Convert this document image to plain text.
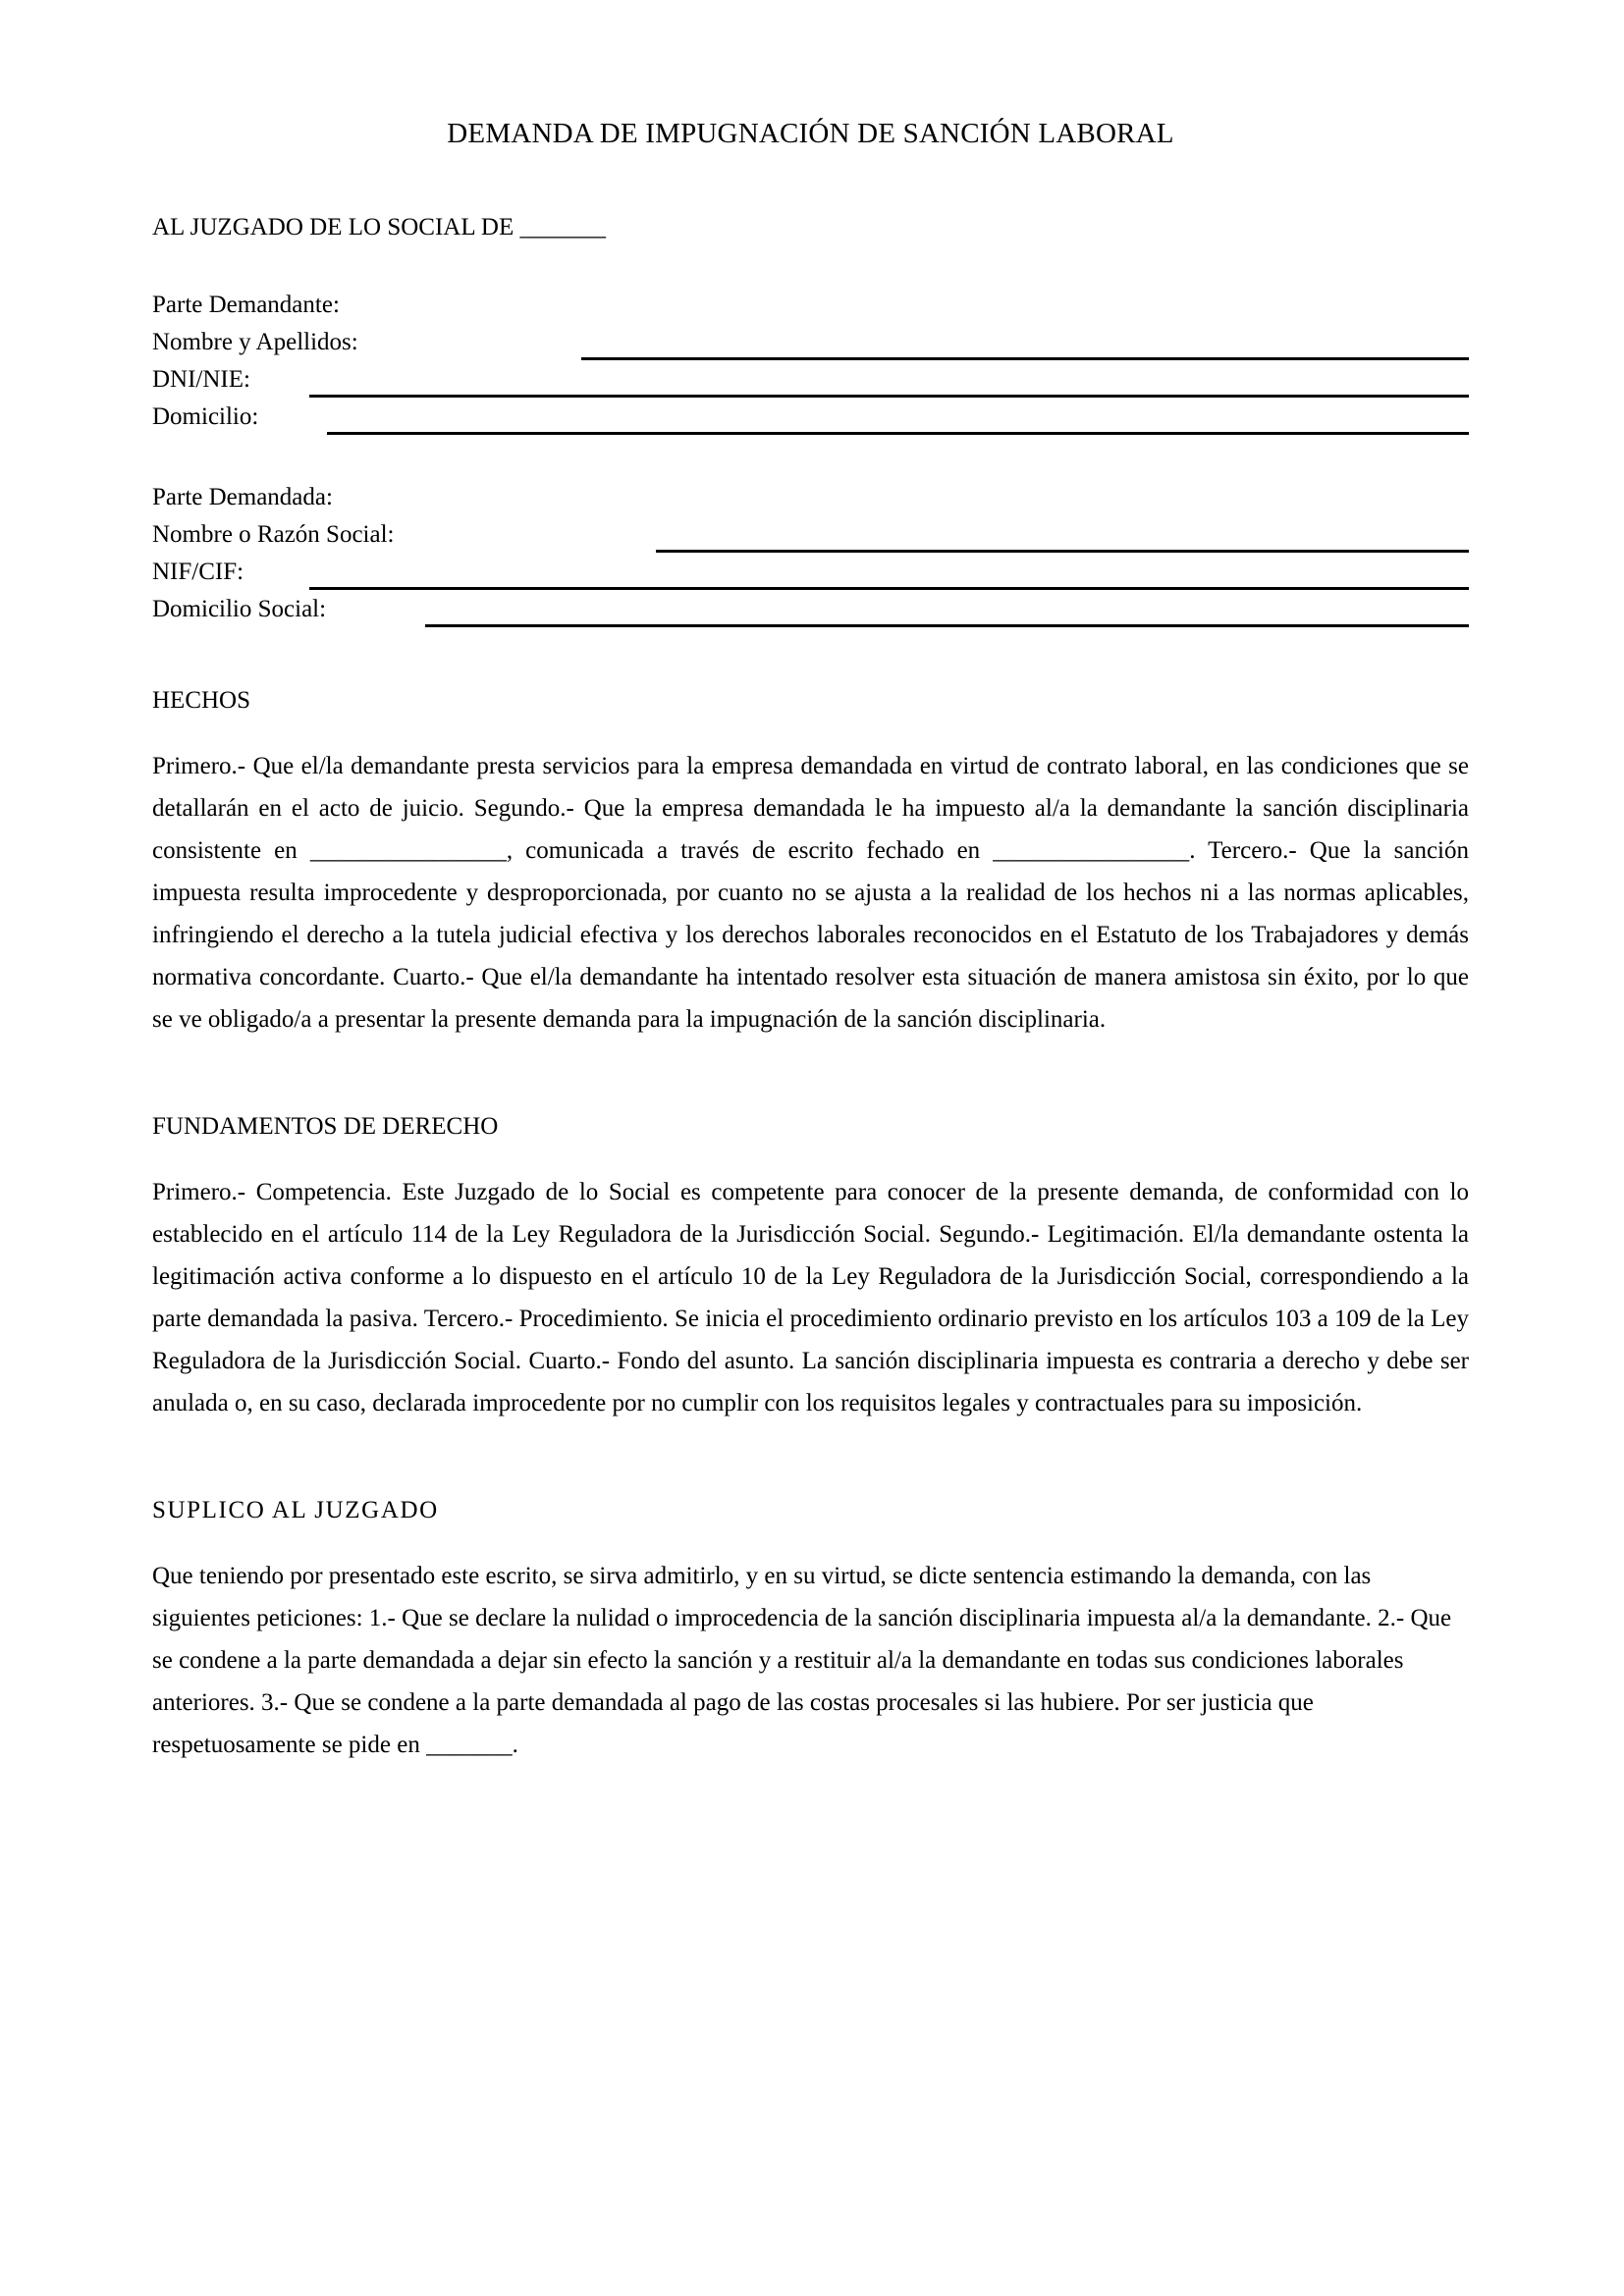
DEMANDA DE IMPUGNACIÓN DE SANCIÓN LABORAL
AL JUZGADO DE LO SOCIAL DE _______
Parte Demandante:
Nombre y Apellidos:
DNI/NIE:
Domicilio:
Parte Demandada:
Nombre o Razón Social:
NIF/CIF:
Domicilio Social:
HECHOS

Primero.- Que el/la demandante presta servicios para la empresa demandada en virtud de contrato laboral, en las condiciones que se detallarán en el acto de juicio. Segundo.- Que la empresa demandada le ha impuesto al/a la demandante la sanción disciplinaria consistente en ________________, comunicada a través de escrito fechado en ________________. Tercero.- Que la sanción impuesta resulta improcedente y desproporcionada, por cuanto no se ajusta a la realidad de los hechos ni a las normas aplicables, infringiendo el derecho a la tutela judicial efectiva y los derechos laborales reconocidos en el Estatuto de los Trabajadores y demás normativa concordante. Cuarto.- Que el/la demandante ha intentado resolver esta situación de manera amistosa sin éxito, por lo que se ve obligado/a a presentar la presente demanda para la impugnación de la sanción disciplinaria.

FUNDAMENTOS DE DERECHO

Primero.- Competencia. Este Juzgado de lo Social es competente para conocer de la presente demanda, de conformidad con lo establecido en el artículo 114 de la Ley Reguladora de la Jurisdicción Social. Segundo.- Legitimación. El/la demandante ostenta la legitimación activa conforme a lo dispuesto en el artículo 10 de la Ley Reguladora de la Jurisdicción Social, correspondiendo a la parte demandada la pasiva. Tercero.- Procedimiento. Se inicia el procedimiento ordinario previsto en los artículos 103 a 109 de la Ley Reguladora de la Jurisdicción Social. Cuarto.- Fondo del asunto. La sanción disciplinaria impuesta es contraria a derecho y debe ser anulada o, en su caso, declarada improcedente por no cumplir con los requisitos legales y contractuales para su imposición.

SUPLICO AL JUZGADO

Que teniendo por presentado este escrito, se sirva admitirlo, y en su virtud, se dicte sentencia estimando la demanda, con las siguientes peticiones: 1.- Que se declare la nulidad o improcedencia de la sanción disciplinaria impuesta al/a la demandante. 2.- Que se condene a la parte demandada a dejar sin efecto la sanción y a restituir al/a la demandante en todas sus condiciones laborales anteriores. 3.- Que se condene a la parte demandada al pago de las costas procesales si las hubiere. Por ser justicia que respetuosamente se pide en _______.
